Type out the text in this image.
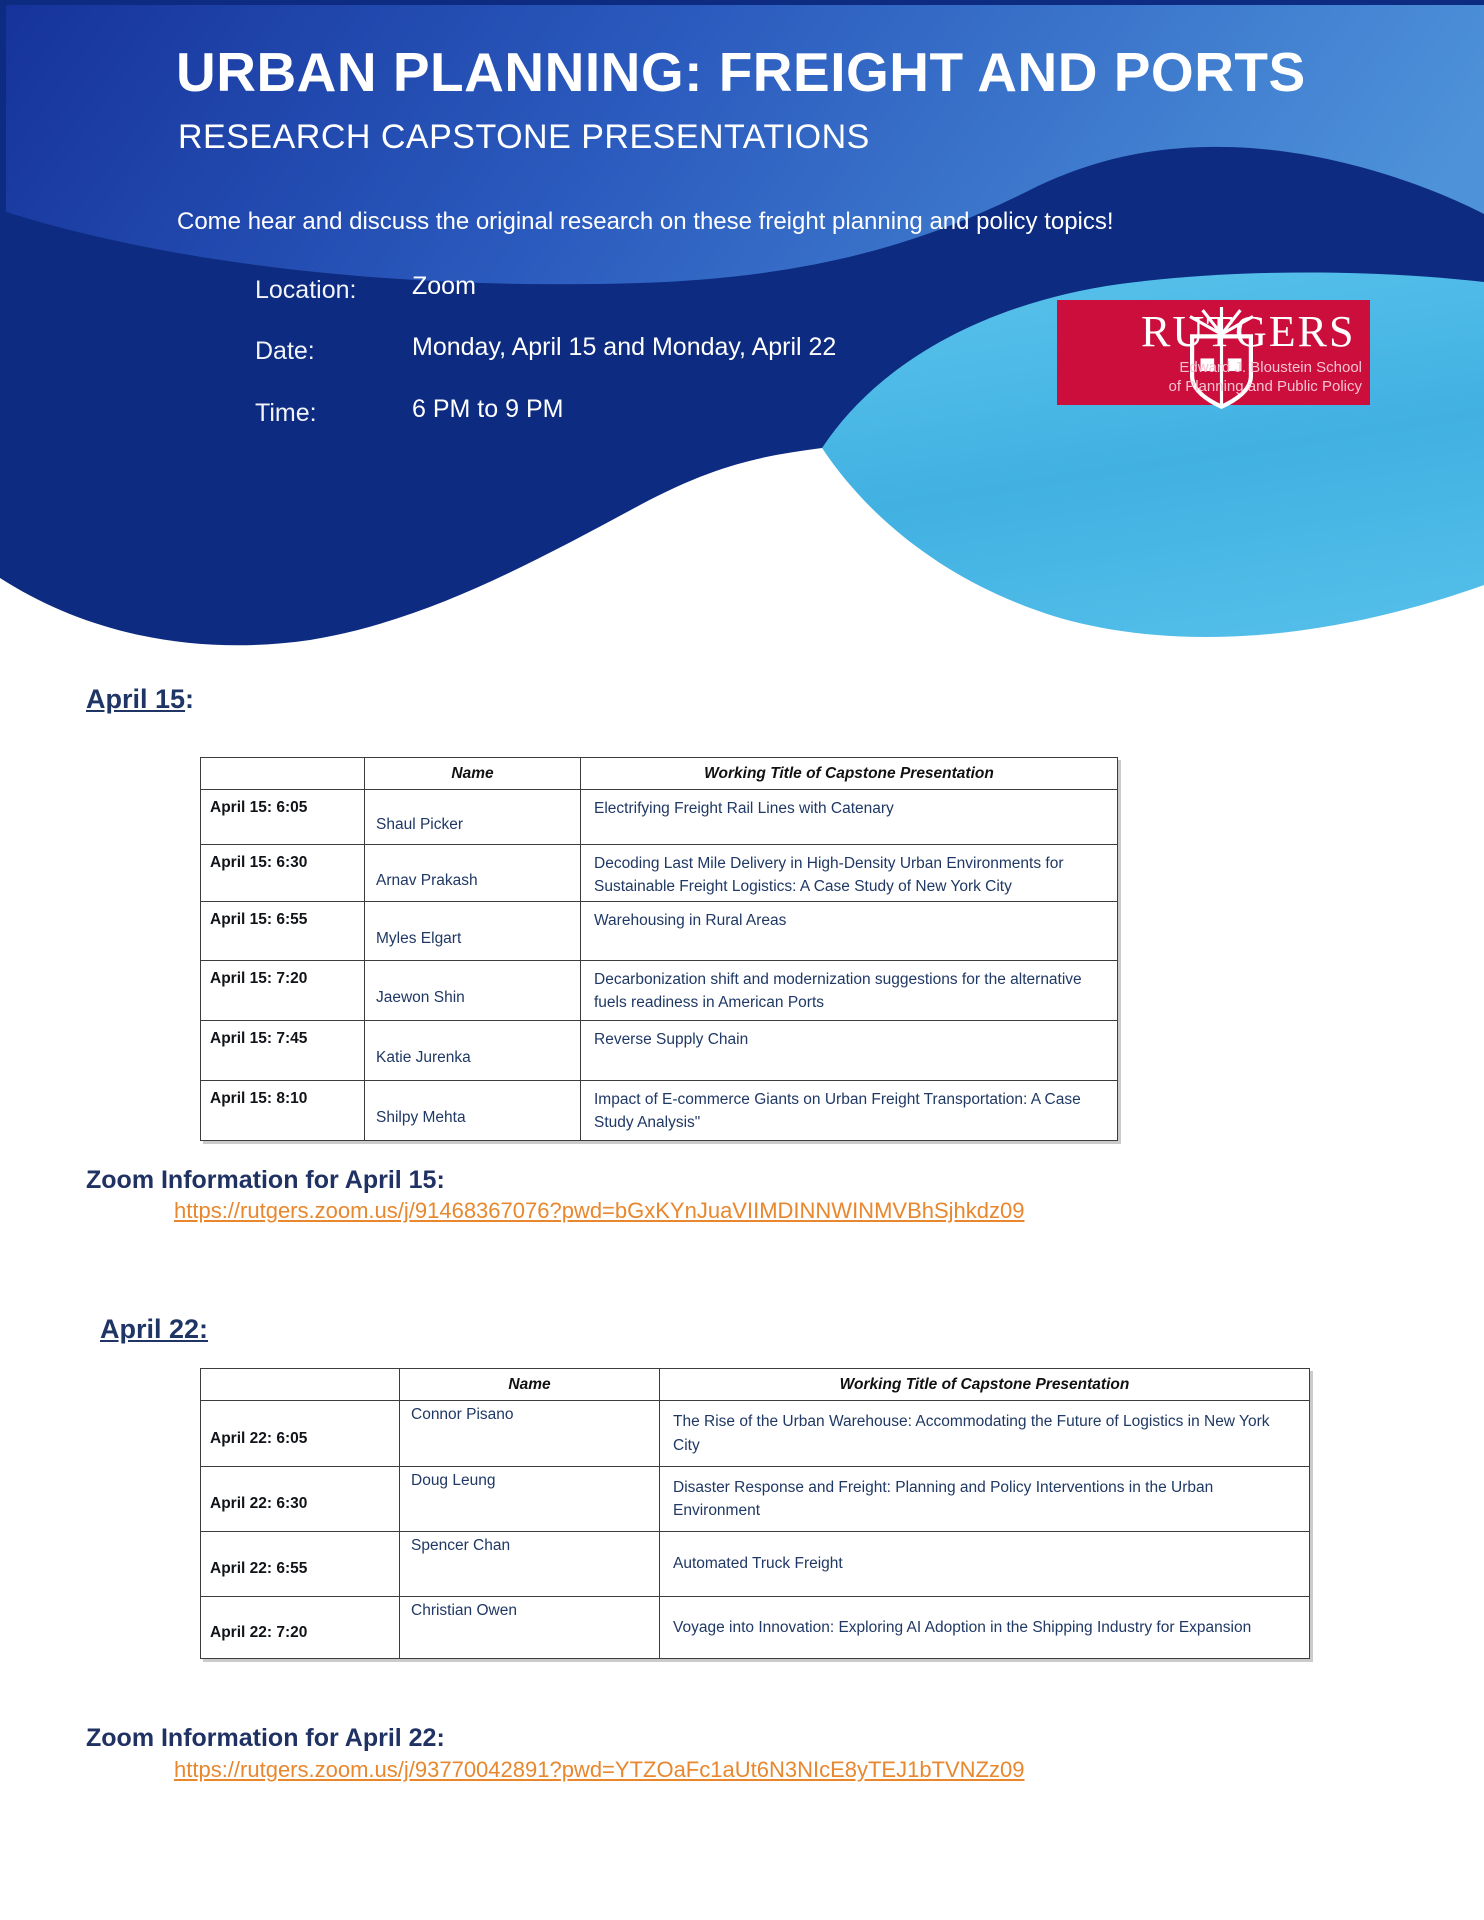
URBAN PLANNING: FREIGHT AND PORTS
RESEARCH CAPSTONE PRESENTATIONS
Come hear and discuss the original research on these freight planning and policy topics!
Location: Zoom
Date:	Monday, April 15 and Monday, April 22
Time:	6 PM to 9 PM
RUTGERS
Edward J. Bloustein School
of Planning and Public Policy
April 15:
	Name	Working Title of Capstone Presentation
April 15: 6:05	Shaul Picker	Electrifying Freight Rail Lines with Catenary
April 15: 6:30	Arnav Prakash	Decoding Last Mile Delivery in High-Density Urban Environments for Sustainable Freight Logistics: A Case Study of New York City
April 15: 6:55	Myles Elgart	Warehousing in Rural Areas
April 15: 7:20	Jaewon Shin	Decarbonization shift and modernization suggestions for the alternative fuels readiness in American Ports
April 15: 7:45	Katie Jurenka	Reverse Supply Chain
April 15: 8:10	Shilpy Mehta	Impact of E-commerce Giants on Urban Freight Transportation: A Case Study Analysis"
Zoom Information for April 15:
https://rutgers.zoom.us/j/91468367076?pwd=bGxKYnJuaVIIMDINNWINMVBhSjhkdz09
April 22:
	Name	Working Title of Capstone Presentation
April 22: 6:05	Connor Pisano	The Rise of the Urban Warehouse: Accommodating the Future of Logistics in New York City
April 22: 6:30	Doug Leung	Disaster Response and Freight: Planning and Policy Interventions in the Urban Environment
April 22: 6:55	Spencer Chan	Automated Truck Freight
April 22: 7:20	Christian Owen	Voyage into Innovation: Exploring AI Adoption in the Shipping Industry for Expansion
Zoom Information for April 22:
https://rutgers.zoom.us/j/93770042891?pwd=YTZOaFc1aUt6N3NIcE8yTEJ1bTVNZz09
